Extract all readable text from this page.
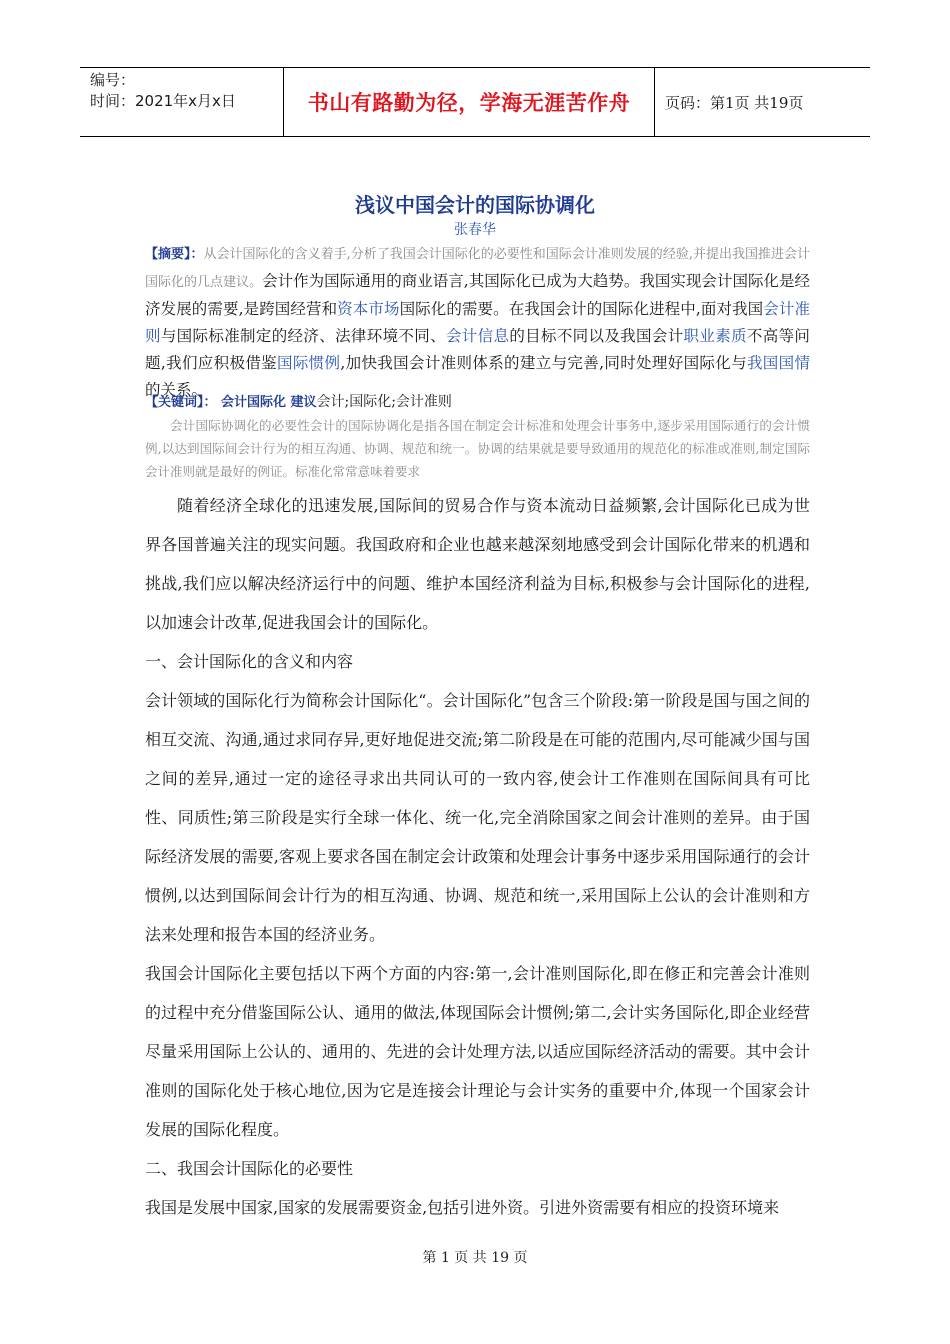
编号：
时间：2021年x月x日	书山有路勤为径，学海无涯苦作舟	页码：第1页 共19页
浅议中国会计的国际协调化
张春华
【摘要】：从会计国际化的含义着手,分析了我国会计国际化的必要性和国际会计准则发展的经验,并提出我国推进会计国际化的几点建议。会计作为国际通用的商业语言,其国际化已成为大趋势。我国实现会计国际化是经济发展的需要,是跨国经营和资本市场国际化的需要。在我国会计的国际化进程中,面对我国会计准则与国际标准制定的经济、法律环境不同、会计信息的目标不同以及我国会计职业素质不高等问题,我们应积极借鉴国际惯例,加快我国会计准则体系的建立与完善,同时处理好国际化与我国国情的关系。
【关键词】： 会计国际化 建议会计;国际化;会计准则
会计国际协调化的必要性会计的国际协调化是指各国在制定会计标准和处理会计事务中,逐步采用国际通行的会计惯例,以达到国际间会计行为的相互沟通、协调、规范和统一。协调的结果就是要导致通用的规范化的标准或准则,制定国际会计准则就是最好的例证。标准化常常意味着要求

随着经济全球化的迅速发展,国际间的贸易合作与资本流动日益频繁,会计国际化已成为世界各国普遍关注的现实问题。我国政府和企业也越来越深刻地感受到会计国际化带来的机遇和挑战,我们应以解决经济运行中的问题、维护本国经济利益为目标,积极参与会计国际化的进程,以加速会计改革,促进我国会计的国际化。

一、会计国际化的含义和内容

会计领域的国际化行为简称会计国际化“。会计国际化”包含三个阶段:第一阶段是国与国之间的相互交流、沟通,通过求同存异,更好地促进交流;第二阶段是在可能的范围内,尽可能减少国与国之间的差异,通过一定的途径寻求出共同认可的一致内容,使会计工作准则在国际间具有可比性、同质性;第三阶段是实行全球一体化、统一化,完全消除国家之间会计准则的差异。由于国际经济发展的需要,客观上要求各国在制定会计政策和处理会计事务中逐步采用国际通行的会计惯例,以达到国际间会计行为的相互沟通、协调、规范和统一,采用国际上公认的会计准则和方法来处理和报告本国的经济业务。

我国会计国际化主要包括以下两个方面的内容:第一,会计准则国际化,即在修正和完善会计准则的过程中充分借鉴国际公认、通用的做法,体现国际会计惯例;第二,会计实务国际化,即企业经营尽量采用国际上公认的、通用的、先进的会计处理方法,以适应国际经济活动的需要。其中会计准则的国际化处于核心地位,因为它是连接会计理论与会计实务的重要中介,体现一个国家会计发展的国际化程度。

二、我国会计国际化的必要性

我国是发展中国家,国家的发展需要资金,包括引进外资。引进外资需要有相应的投资环境来

第 1 页 共 19 页
